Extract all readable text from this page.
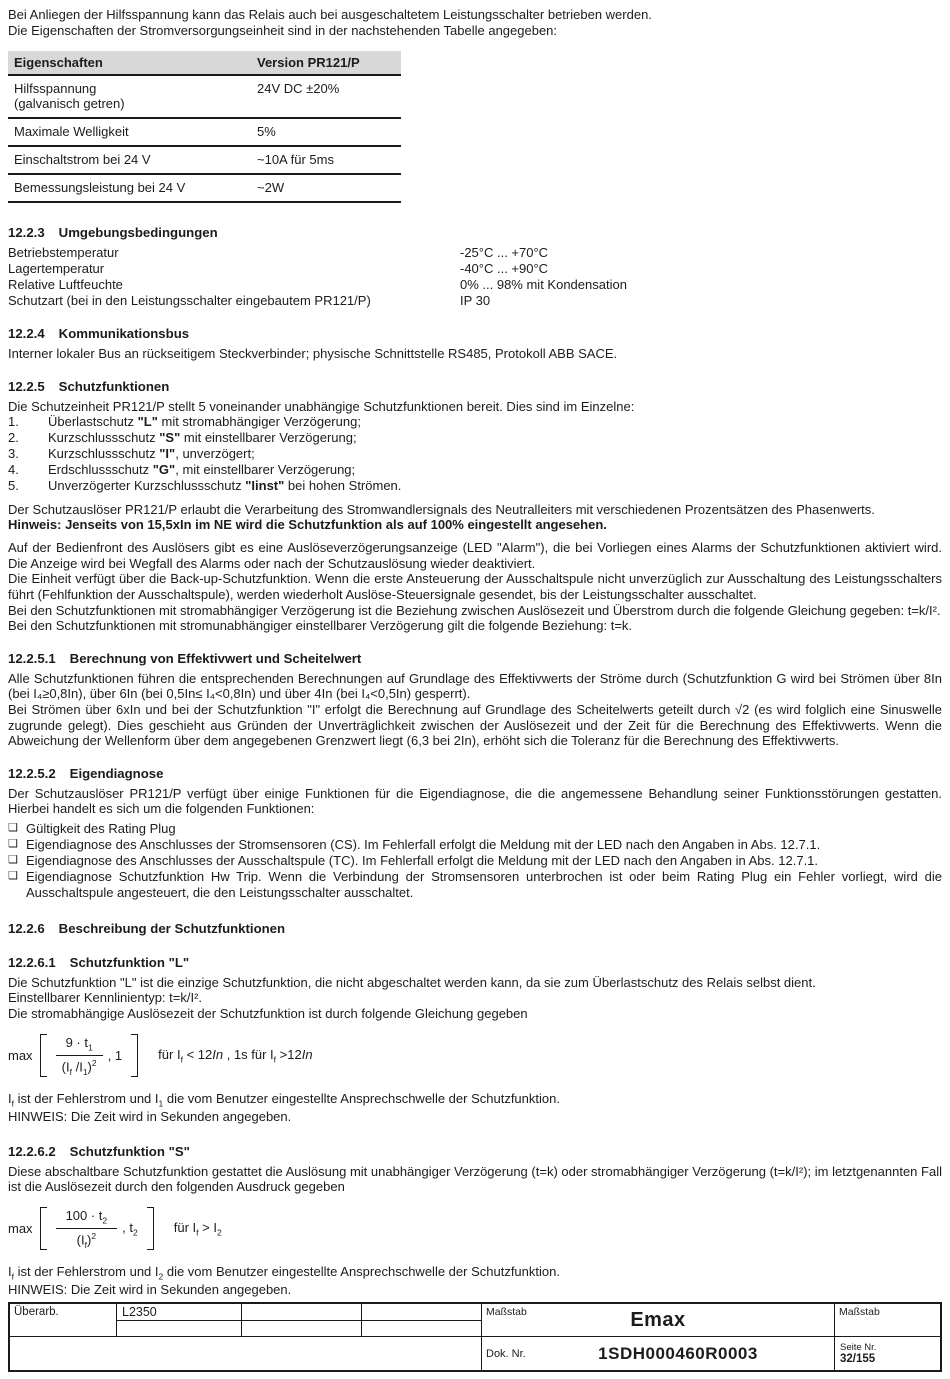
Bei Anliegen der Hilfsspannung kann das Relais auch bei ausgeschaltetem Leistungsschalter betrieben werden.
Die Eigenschaften der Stromversorgungseinheit sind in der nachstehenden Tabelle angegeben:
Eigenschaften	Version PR121/P
Hilfsspannung
(galvanisch getren)	24V DC ±20%
Maximale Welligkeit	5%
Einschaltstrom bei 24 V	~10A für 5ms
Bemessungsleistung bei 24 V	~2W
12.2.3 Umgebungsbedingungen
Betriebstemperatur	-25°C ... +70°C
Lagertemperatur	-40°C ... +90°C
Relative Luftfeuchte	0% ... 98% mit Kondensation
Schutzart (bei in den Leistungsschalter eingebautem PR121/P)	IP 30
12.2.4 Kommunikationsbus

Interner lokaler Bus an rückseitigem Steckverbinder; physische Schnittstelle RS485, Protokoll ABB SACE.

12.2.5 Schutzfunktionen

Die Schutzeinheit PR121/P stellt 5 voneinander unabhängige Schutzfunktionen bereit. Dies sind im Einzelne:

1.	Überlastschutz "L" mit stromabhängiger Verzögerung;
2.	Kurzschlussschutz "S" mit einstellbarer Verzögerung;
3.	Kurzschlussschutz "I", unverzögert;
4.	Erdschlussschutz "G", mit einstellbarer Verzögerung;
5.	Unverzögerter Kurzschlussschutz "Iinst" bei hohen Strömen.
Der Schutzauslöser PR121/P erlaubt die Verarbeitung des Stromwandlersignals des Neutralleiters mit verschiedenen Prozentsätzen des Phasenwerts.
Hinweis: Jenseits von 15,5xIn im NE wird die Schutzfunktion als auf 100% eingestellt angesehen.

Auf der Bedienfront des Auslösers gibt es eine Auslöseverzögerungsanzeige (LED "Alarm"), die bei Vorliegen eines Alarms der Schutzfunktionen aktiviert wird. Die Anzeige wird bei Wegfall des Alarms oder nach der Schutzauslösung wieder deaktiviert.

Die Einheit verfügt über die Back-up-Schutzfunktion. Wenn die erste Ansteuerung der Ausschaltspule nicht unverzüglich zur Ausschaltung des Leistungsschalters führt (Fehlfunktion der Ausschaltspule), werden wiederholt Auslöse-Steuersignale gesendet, bis der Leistungsschalter ausschaltet.

Bei den Schutzfunktionen mit stromabhängiger Verzögerung ist die Beziehung zwischen Auslösezeit und Überstrom durch die folgende Gleichung gegeben: t=k/I².

Bei den Schutzfunktionen mit stromunabhängiger einstellbarer Verzögerung gilt die folgende Beziehung: t=k.

12.2.5.1 Berechnung von Effektivwert und Scheitelwert

Alle Schutzfunktionen führen die entsprechenden Berechnungen auf Grundlage des Effektivwerts der Ströme durch (Schutzfunktion G wird bei Strömen über 8In (bei I₄≥0,8In), über 6In (bei 0,5In≤ I₄<0,8In) und über 4In (bei I₄<0,5In) gesperrt).

Bei Strömen über 6xIn und bei der Schutzfunktion "I" erfolgt die Berechnung auf Grundlage des Scheitelwerts geteilt durch √2 (es wird folglich eine Sinuswelle zugrunde gelegt). Dies geschieht aus Gründen der Unverträglichkeit zwischen der Auslösezeit und der Zeit für die Berechnung des Effektivwerts. Wenn die Abweichung der Wellenform über dem angegebenen Grenzwert liegt (6,3 bei 2In), erhöht sich die Toleranz für die Berechnung des Effektivwerts.

12.2.5.2 Eigendiagnose

Der Schutzauslöser PR121/P verfügt über einige Funktionen für die Eigendiagnose, die die angemessene Behandlung seiner Funktionsstörungen gestatten. Hierbei handelt es sich um die folgenden Funktionen:

❑ Gültigkeit des Rating Plug
❑ Eigendiagnose des Anschlusses der Stromsensoren (CS). Im Fehlerfall erfolgt die Meldung mit der LED nach den Angaben in Abs. 12.7.1.
❑ Eigendiagnose des Anschlusses der Ausschaltspule (TC). Im Fehlerfall erfolgt die Meldung mit der LED nach den Angaben in Abs. 12.7.1.
❑ Eigendiagnose Schutzfunktion Hw Trip. Wenn die Verbindung der Stromsensoren unterbrochen ist oder beim Rating Plug ein Fehler vorliegt, wird die Ausschaltspule angesteuert, die den Leistungsschalter ausschaltet.
12.2.6 Beschreibung der Schutzfunktionen
12.2.6.1 Schutzfunktion "L"

Die Schutzfunktion "L" ist die einzige Schutzfunktion, die nicht abgeschaltet werden kann, da sie zum Überlastschutz des Relais selbst dient.

Einstellbarer Kennlinientyp: t=k/I².

Die stromabhängige Auslösezeit der Schutzfunktion ist durch folgende Gleichung gegeben

$\max \frac{9 \cdot t_1}{(I_f /I_1)^2}$ , 1	für $I_f < 12In$ , 1s für $I_f >12In$

$I_f$ ist der Fehlerstrom und $I_1$ die vom Benutzer eingestellte Ansprechschwelle der Schutzfunktion.

HINWEIS: Die Zeit wird in Sekunden angegeben.

12.2.6.2 Schutzfunktion "S"

Diese abschaltbare Schutzfunktion gestattet die Auslösung mit unabhängiger Verzögerung (t=k) oder stromabhängiger Verzögerung (t=k/I²); im letztgenannten Fall ist die Auslösezeit durch den folgenden Ausdruck gegeben

$\max \frac{100 \cdot t_2}{(I_f)^2}$ , $t_2$	für $I_f > I_2$

$I_f$ ist der Fehlerstrom und $I_2$ die vom Benutzer eingestellte Ansprechschwelle der Schutzfunktion.

HINWEIS: Die Zeit wird in Sekunden angegeben.

Überarb.	L2350	Maßstab	Emax	Maßstab
Dok. Nr.	1SDH000460R0003	Seite Nr.
32/155
